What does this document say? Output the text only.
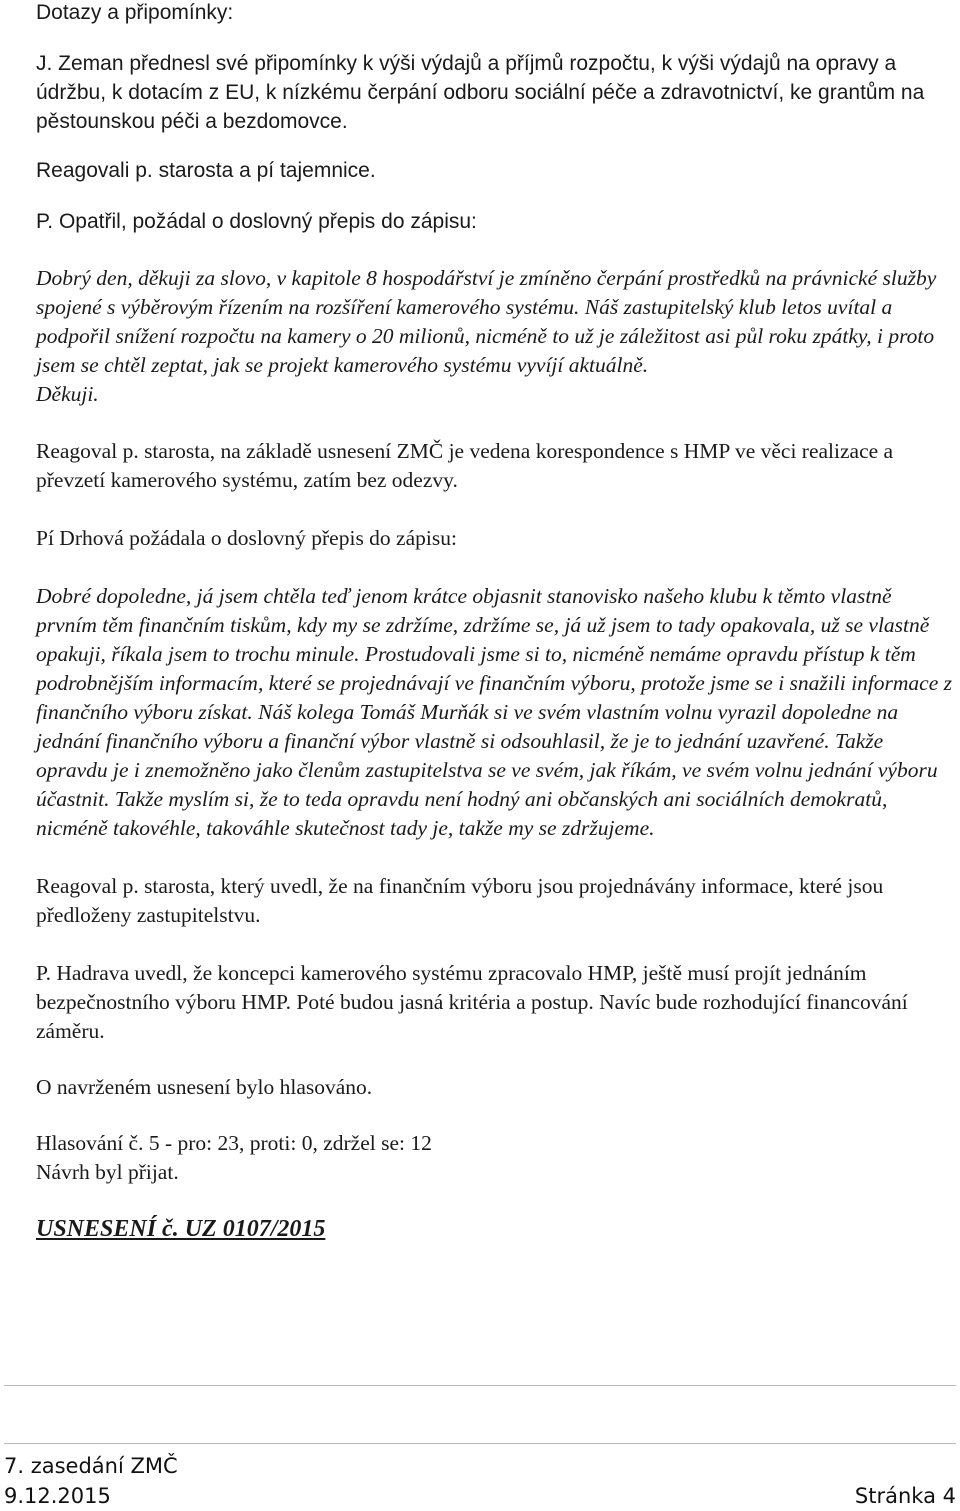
Dotazy a připomínky:

J. Zeman přednesl své připomínky k výši výdajů a příjmů rozpočtu, k výši výdajů na opravy a údržbu, k dotacím z EU, k nízkému čerpání odboru sociální péče a zdravotnictví, ke grantům na pěstounskou péči a bezdomovce.

Reagovali p. starosta a pí tajemnice.

P. Opatřil, požádal o doslovný přepis do zápisu:

Dobrý den, děkuji za slovo, v kapitole 8 hospodářství je zmíněno čerpání prostředků na právnické služby spojené s výběrovým řízením na rozšíření kamerového systému. Náš zastupitelský klub letos uvítal a podpořil snížení rozpočtu na kamery o 20 milionů, nicméně to už je záležitost asi půl roku zpátky, i proto jsem se chtěl zeptat, jak se projekt kamerového systému vyvíjí aktuálně.

Děkuji.

Reagoval p. starosta, na základě usnesení ZMČ je vedena korespondence s HMP ve věci realizace a převzetí kamerového systému, zatím bez odezvy.

Pí Drhová požádala o doslovný přepis do zápisu:

Dobré dopoledne, já jsem chtěla teď jenom krátce objasnit stanovisko našeho klubu k těmto vlastně prvním těm finančním tiskům, kdy my se zdržíme, zdržíme se, já už jsem to tady opakovala, už se vlastně opakuji, říkala jsem to trochu minule. Prostudovali jsme si to, nicméně nemáme opravdu přístup k těm podrobnějším informacím, které se projednávají ve finančním výboru, protože jsme se i snažili informace z finančního výboru získat. Náš kolega Tomáš Murňák si ve svém vlastním volnu vyrazil dopoledne na jednání finančního výboru a finanční výbor vlastně si odsouhlasil, že je to jednání uzavřené. Takže opravdu je i znemožněno jako členům zastupitelstva se ve svém, jak říkám, ve svém volnu jednání výboru účastnit. Takže myslím si, že to teda opravdu není hodný ani občanských ani sociálních demokratů, nicméně takovéhle, takováhle skutečnost tady je, takže my se zdržujeme.

Reagoval p. starosta, který uvedl, že na finančním výboru jsou projednávány informace, které jsou předloženy zastupitelstvu.

P. Hadrava uvedl, že koncepci kamerového systému zpracovalo HMP, ještě musí projít jednáním bezpečnostního výboru HMP. Poté budou jasná kritéria a postup. Navíc bude rozhodující financování záměru.

O navrženém usnesení bylo hlasováno.

Hlasování č. 5 - pro: 23, proti: 0, zdržel se: 12

Návrh byl přijat.

USNESENÍ č. UZ 0107/2015

7. zasedání ZMČ
9.12.2015	Stránka 4
